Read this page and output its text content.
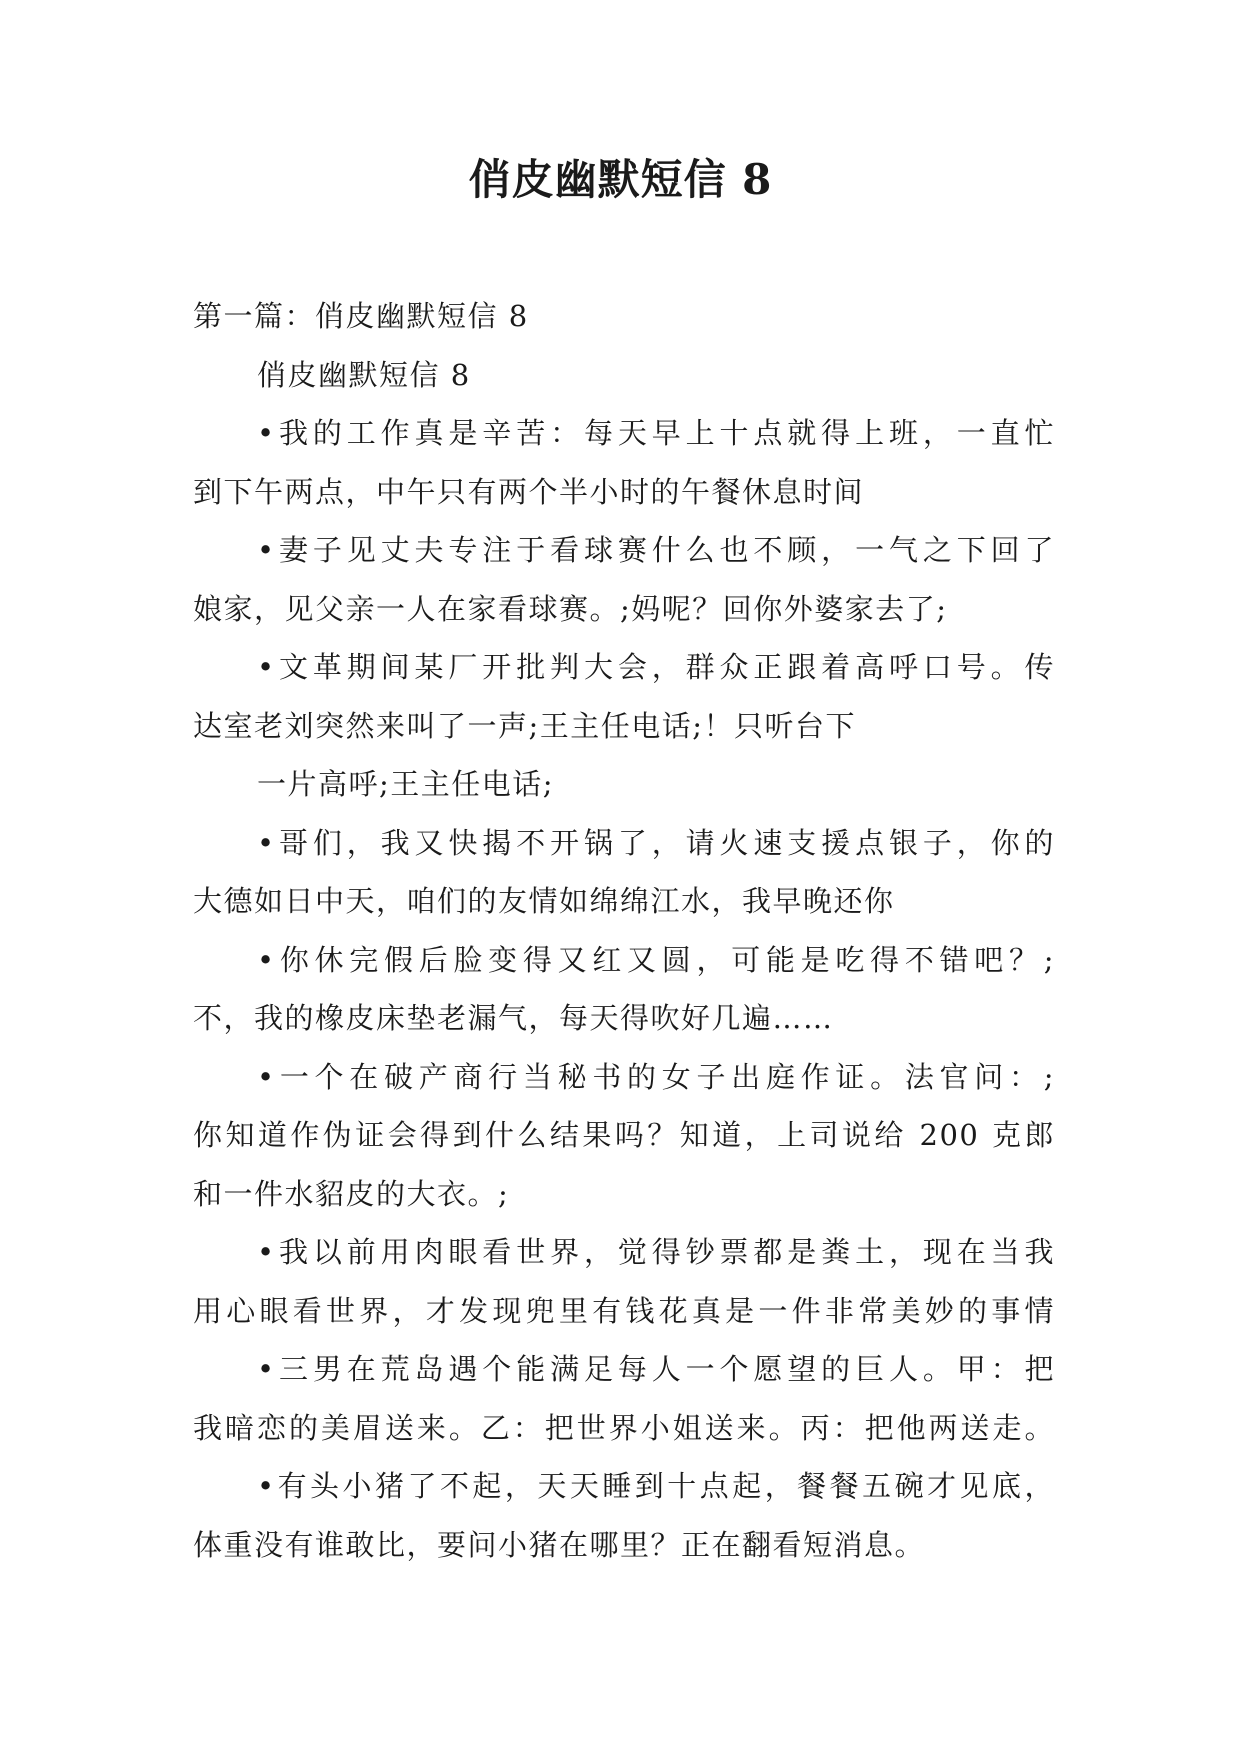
俏皮幽默短信 8

第一篇：俏皮幽默短信 8

俏皮幽默短信 8

•我的工作真是辛苦：每天早上十点就得上班，一直忙

到下午两点，中午只有两个半小时的午餐休息时间

•妻子见丈夫专注于看球赛什么也不顾，一气之下回了

娘家，见父亲一人在家看球赛。;妈呢？回你外婆家去了;

•文革期间某厂开批判大会，群众正跟着高呼口号。传

达室老刘突然来叫了一声;王主任电话;！只听台下

一片高呼;王主任电话;

•哥们，我又快揭不开锅了，请火速支援点银子，你的

大德如日中天，咱们的友情如绵绵江水，我早晚还你

•你休完假后脸变得又红又圆，可能是吃得不错吧？;

不，我的橡皮床垫老漏气，每天得吹好几遍……

•一个在破产商行当秘书的女子出庭作证。法官问：;

你知道作伪证会得到什么结果吗？知道，上司说给 200 克郎

和一件水貂皮的大衣。;

•我以前用肉眼看世界，觉得钞票都是粪土，现在当我

用心眼看世界，才发现兜里有钱花真是一件非常美妙的事情

•三男在荒岛遇个能满足每人一个愿望的巨人。甲：把

我暗恋的美眉送来。乙：把世界小姐送来。丙：把他两送走。

•有头小猪了不起，天天睡到十点起，餐餐五碗才见底，

体重没有谁敢比，要问小猪在哪里？正在翻看短消息。
